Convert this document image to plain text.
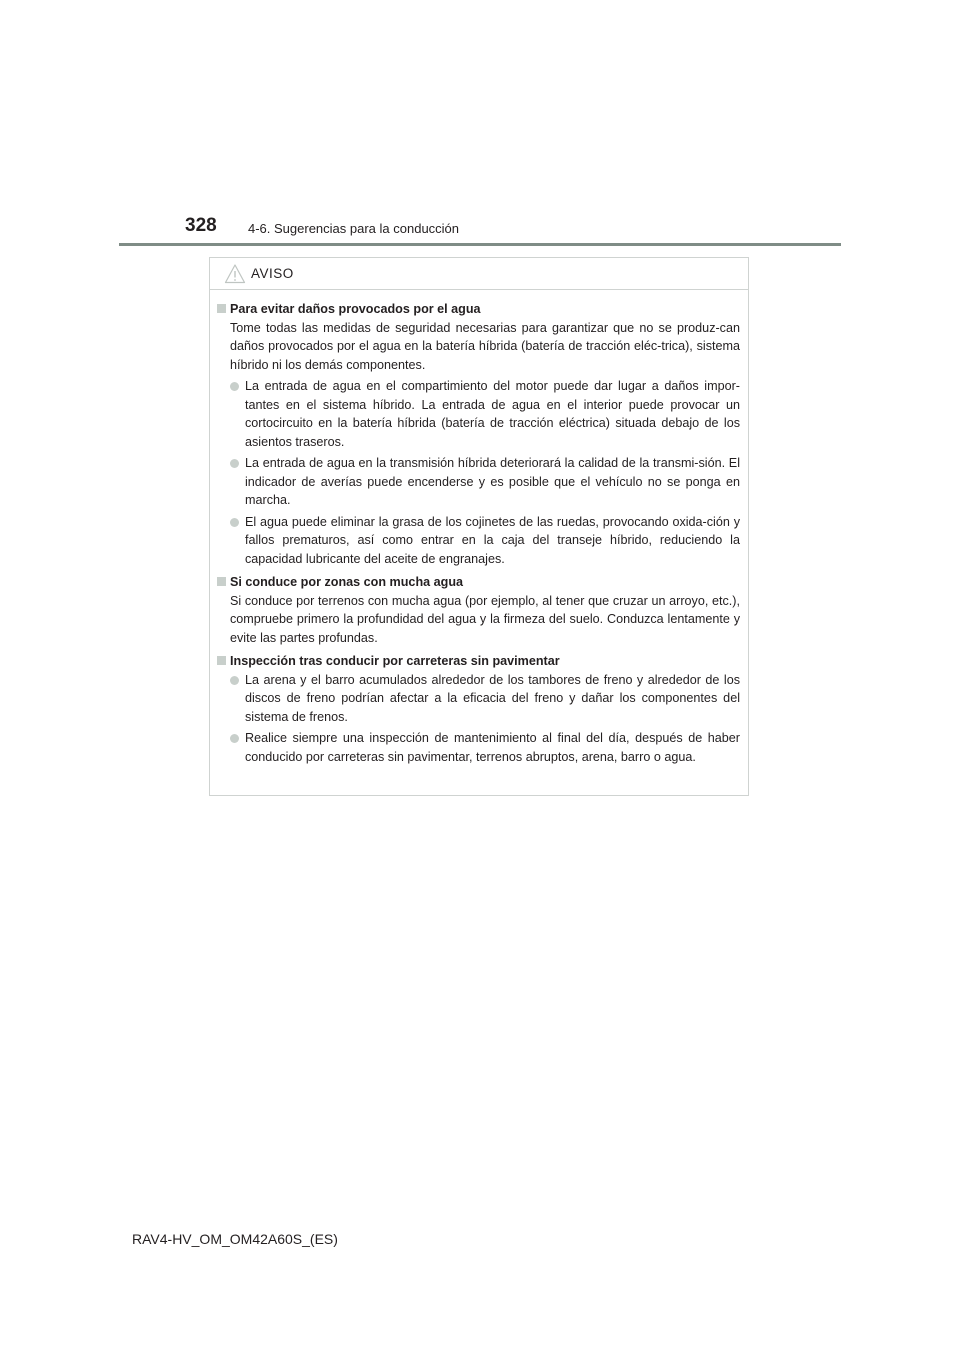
328 4-6. Sugerencias para la conducción
AVISO
Para evitar daños provocados por el agua

Tome todas las medidas de seguridad necesarias para garantizar que no se produz-can daños provocados por el agua en la batería híbrida (batería de tracción eléc-trica), sistema híbrido ni los demás componentes.

La entrada de agua en el compartimiento del motor puede dar lugar a daños impor-tantes en el sistema híbrido. La entrada de agua en el interior puede provocar un cortocircuito en la batería híbrida (batería de tracción eléctrica) situada debajo de los asientos traseros.
La entrada de agua en la transmisión híbrida deteriorará la calidad de la transmi-sión. El indicador de averías puede encenderse y es posible que el vehículo no se ponga en marcha.
El agua puede eliminar la grasa de los cojinetes de las ruedas, provocando oxida-ción y fallos prematuros, así como entrar en la caja del transeje híbrido, reduciendo la capacidad lubricante del aceite de engranajes.
Si conduce por zonas con mucha agua

Si conduce por terrenos con mucha agua (por ejemplo, al tener que cruzar un arroyo, etc.), compruebe primero la profundidad del agua y la firmeza del suelo. Conduzca lentamente y evite las partes profundas.

Inspección tras conducir por carreteras sin pavimentar
La arena y el barro acumulados alrededor de los tambores de freno y alrededor de los discos de freno podrían afectar a la eficacia del freno y dañar los componentes del sistema de frenos.
Realice siempre una inspección de mantenimiento al final del día, después de haber conducido por carreteras sin pavimentar, terrenos abruptos, arena, barro o agua.
RAV4-HV_OM_OM42A60S_(ES)
